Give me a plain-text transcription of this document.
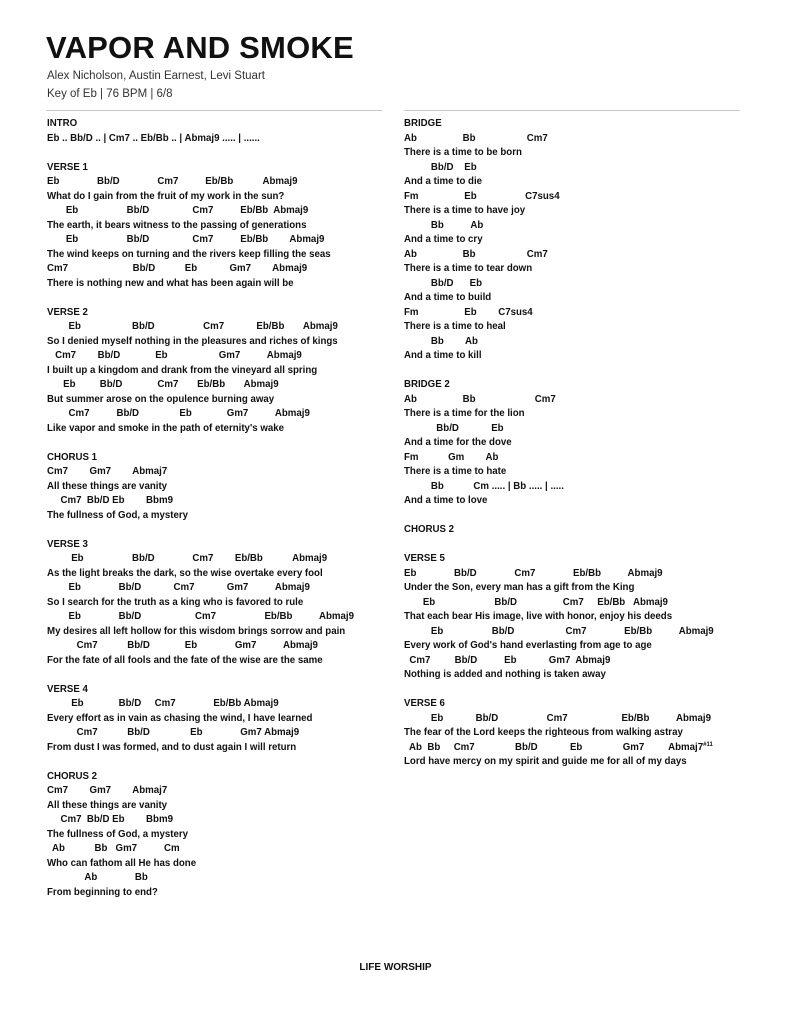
VAPOR AND SMOKE
Alex Nicholson, Austin Earnest, Levi Stuart
Key of Eb | 76 BPM | 6/8
INTRO
Eb .. Bb/D .. | Cm7 .. Eb/Bb .. | Abmaj9 ..... | ......
VERSE 1
Eb              Bb/D              Cm7          Eb/Bb           Abmaj9
What do I gain from the fruit of my work in the sun?
Eb                  Bb/D                Cm7          Eb/Bb  Abmaj9
The earth, it bears witness to the passing of generations
Eb                  Bb/D                Cm7          Eb/Bb        Abmaj9
The wind keeps on turning and the rivers keep filling the seas
Cm7                        Bb/D           Eb            Gm7        Abmaj9
There is nothing new and what has been again will be
VERSE 2
Eb                   Bb/D                  Cm7            Eb/Bb       Abmaj9
So I denied myself nothing in the pleasures and riches of kings
Cm7        Bb/D             Eb                   Gm7          Abmaj9
I built up a kingdom and drank from the vineyard all spring
Eb         Bb/D             Cm7       Eb/Bb       Abmaj9
But summer arose on the opulence burning away
Cm7          Bb/D               Eb             Gm7          Abmaj9
Like vapor and smoke in the path of eternity's wake
CHORUS 1
Cm7        Gm7        Abmaj7
All these things are vanity
Cm7  Bb/D Eb        Bbm9
The fullness of God, a mystery
VERSE 3
Eb                  Bb/D              Cm7        Eb/Bb           Abmaj9
As the light breaks the dark, so the wise overtake every fool
Eb              Bb/D            Cm7            Gm7          Abmaj9
So I search for the truth as a king who is favored to rule
Eb              Bb/D                    Cm7                  Eb/Bb          Abmaj9
My desires all left hollow for this wisdom brings sorrow and pain
Cm7           Bb/D             Eb              Gm7          Abmaj9
For the fate of all fools and the fate of the wise are the same
VERSE 4
Eb             Bb/D     Cm7              Eb/Bb Abmaj9
Every effort as in vain as chasing the wind, I have learned
Cm7           Bb/D               Eb              Gm7 Abmaj9
From dust I was formed, and to dust again I will return
CHORUS 2
Cm7        Gm7        Abmaj7
All these things are vanity
Cm7  Bb/D Eb        Bbm9
The fullness of God, a mystery
Ab           Bb   Gm7          Cm
Who can fathom all He has done
Ab              Bb
From beginning to end?
BRIDGE
Ab                 Bb                   Cm7
There is a time to be born
Bb/D    Eb
And a time to die
Fm                 Eb                  C7sus4
There is a time to have joy
Bb          Ab
And a time to cry
Ab                 Bb                   Cm7
There is a time to tear down
Bb/D      Eb
And a time to build
Fm                 Eb        C7sus4
There is a time to heal
Bb        Ab
And a time to kill
BRIDGE 2
Ab                 Bb                      Cm7
There is a time for the lion
Bb/D            Eb
And a time for the dove
Fm           Gm        Ab
There is a time to hate
Bb           Cm ..... | Bb ..... | .....
And a time to love
CHORUS 2
VERSE 5
Eb              Bb/D              Cm7              Eb/Bb          Abmaj9
Under the Son, every man has a gift from the King
Eb                      Bb/D                 Cm7     Eb/Bb   Abmaj9
That each bear His image, live with honor, enjoy his deeds
Eb                  Bb/D                   Cm7              Eb/Bb          Abmaj9
Every work of God's hand everlasting from age to age
Cm7         Bb/D          Eb            Gm7  Abmaj9
Nothing is added and nothing is taken away
VERSE 6
Eb            Bb/D                  Cm7                    Eb/Bb          Abmaj9
The fear of the Lord keeps the righteous from walking astray
Ab  Bb     Cm7               Bb/D            Eb               Gm7         Abmaj7$^{\#11}$
Lord have mercy on my spirit and guide me for all of my days
LIFE WORSHIP
